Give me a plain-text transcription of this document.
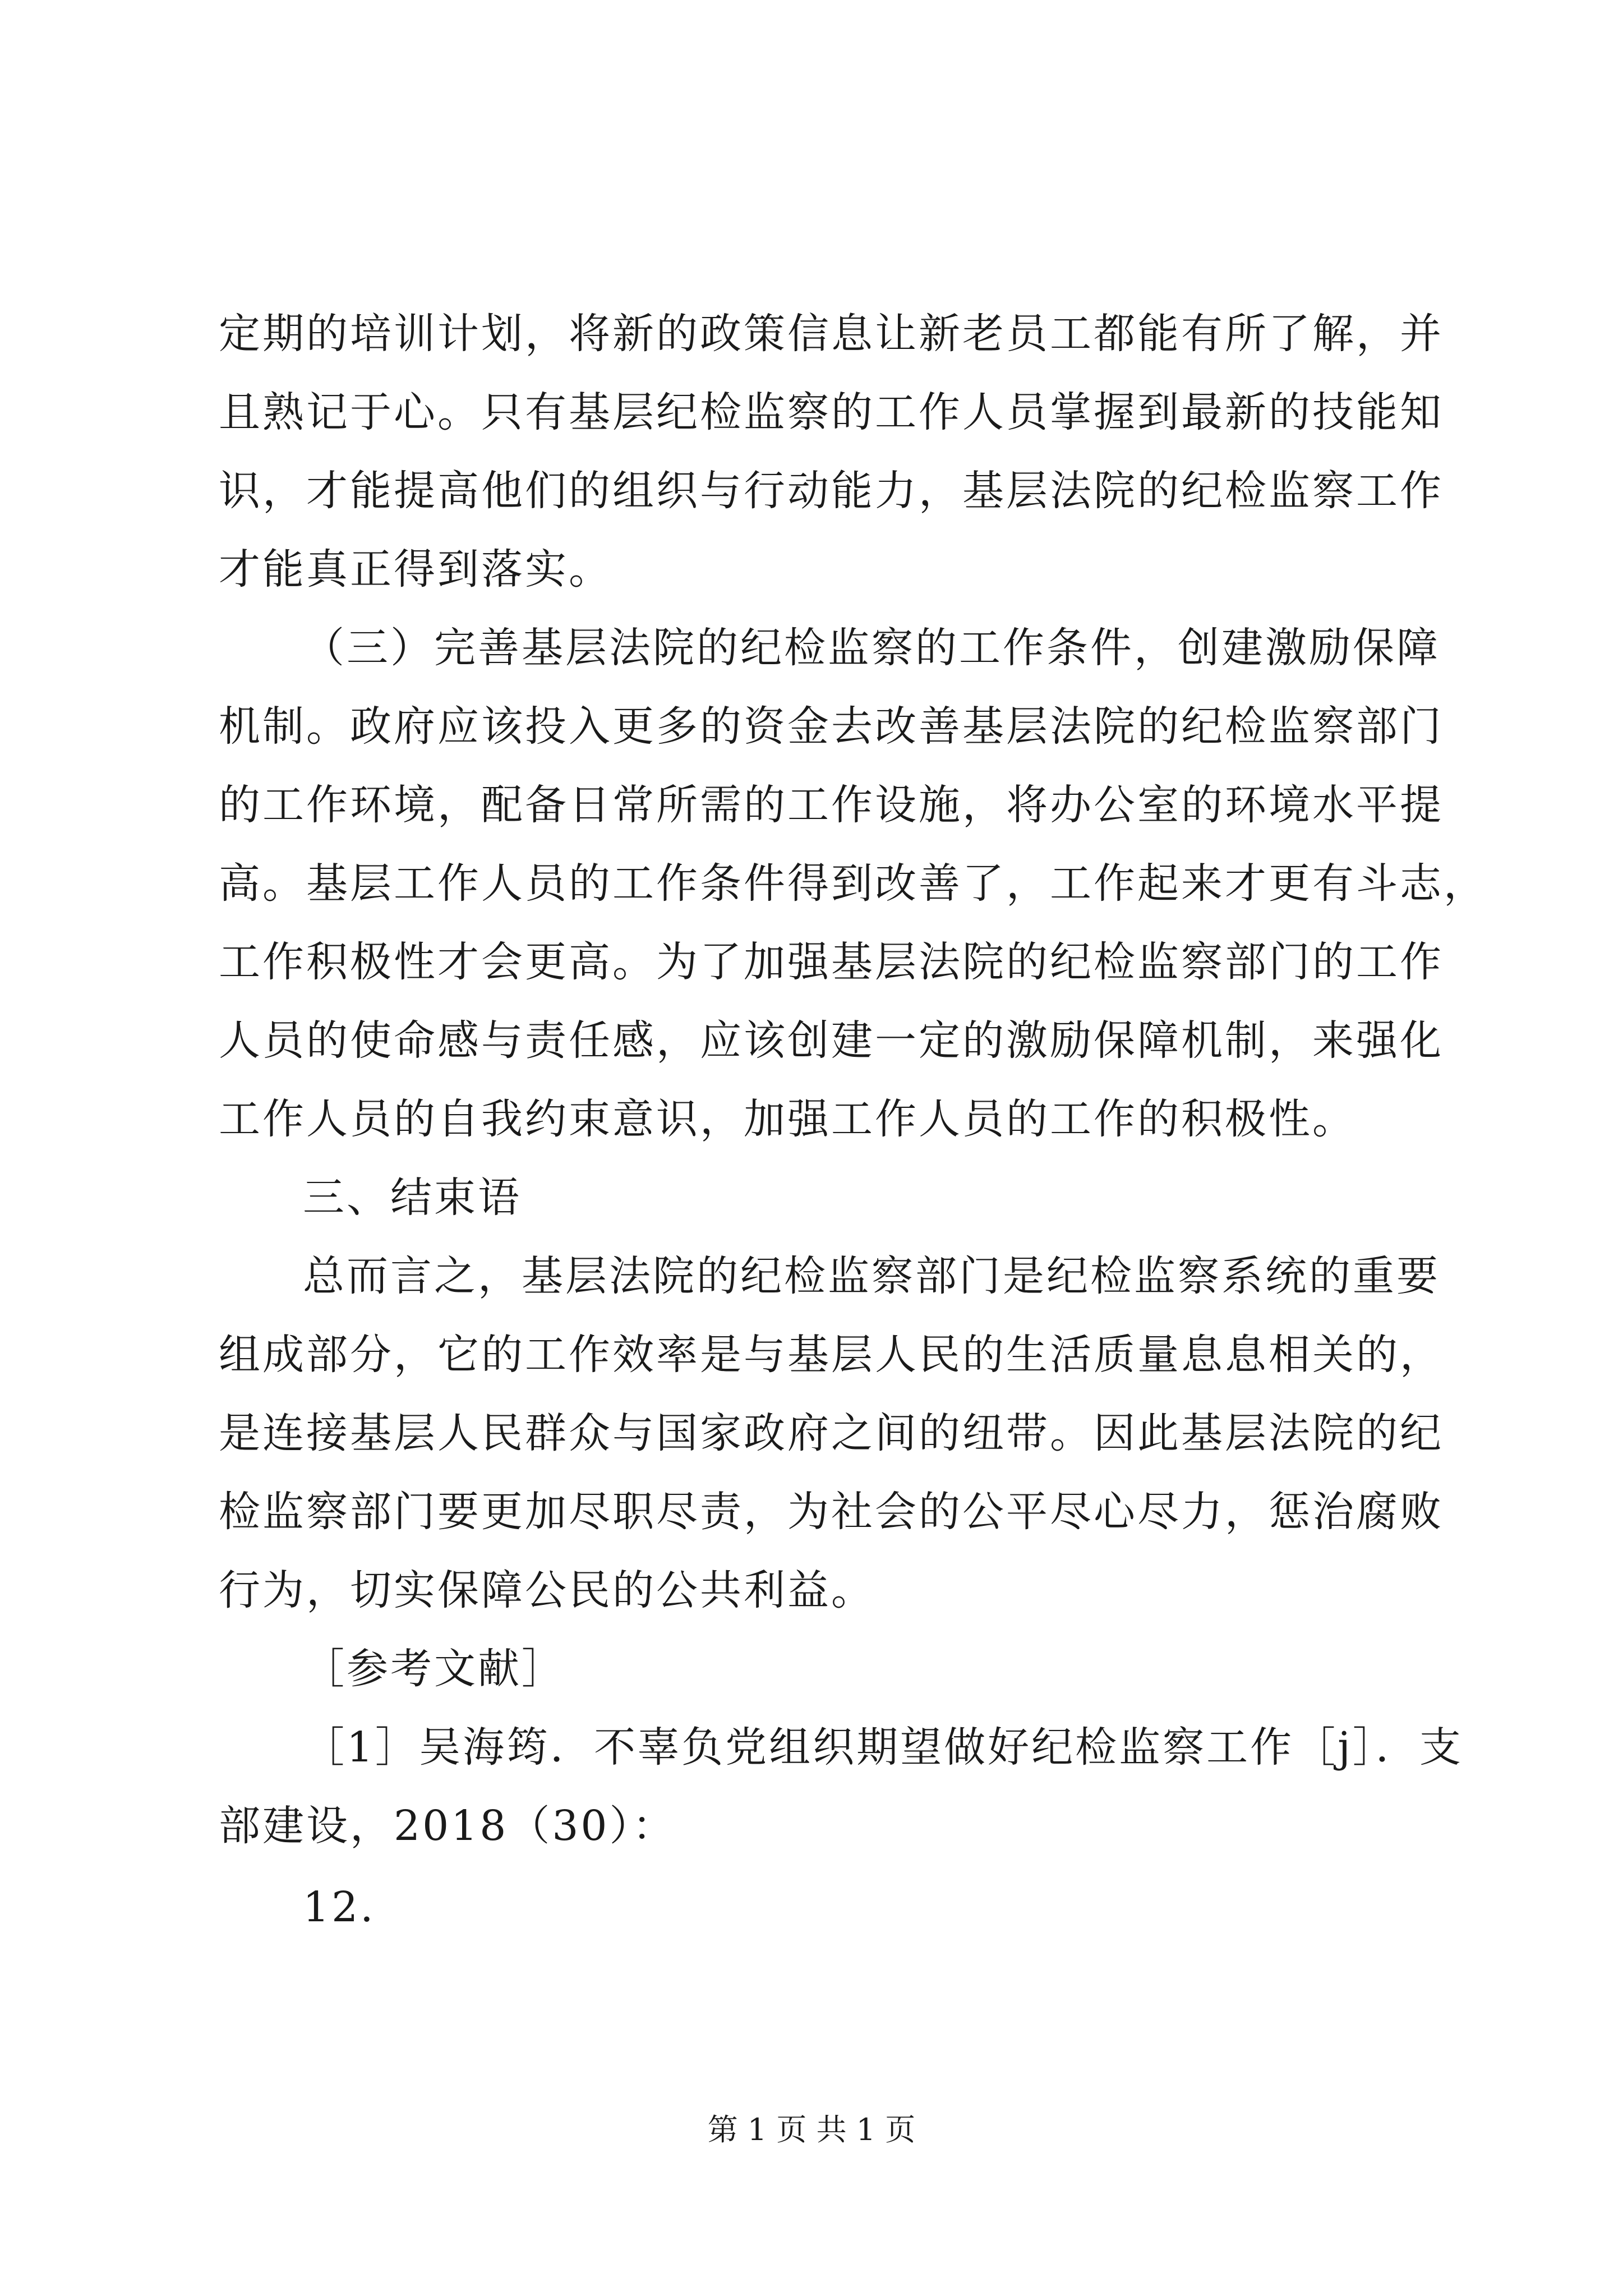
定期的培训计划，将新的政策信息让新老员工都能有所了解，并
且熟记于心。只有基层纪检监察的工作人员掌握到最新的技能知
识，才能提高他们的组织与行动能力，基层法院的纪检监察工作
才能真正得到落实。
（三）完善基层法院的纪检监察的工作条件，创建激励保障
机制。政府应该投入更多的资金去改善基层法院的纪检监察部门
的工作环境，配备日常所需的工作设施，将办公室的环境水平提
高。基层工作人员的工作条件得到改善了，工作起来才更有斗志，
工作积极性才会更高。为了加强基层法院的纪检监察部门的工作
人员的使命感与责任感，应该创建一定的激励保障机制，来强化
工作人员的自我约束意识，加强工作人员的工作的积极性。
三、结束语
总而言之，基层法院的纪检监察部门是纪检监察系统的重要
组成部分，它的工作效率是与基层人民的生活质量息息相关的，
是连接基层人民群众与国家政府之间的纽带。因此基层法院的纪
检监察部门要更加尽职尽责，为社会的公平尽心尽力，惩治腐败
行为，切实保障公民的公共利益。
［参考文献］
［1］吴海筠．不辜负党组织期望做好纪检监察工作［j］．支
部建设，2018（30）：
12.
第 1 页 共 1 页
